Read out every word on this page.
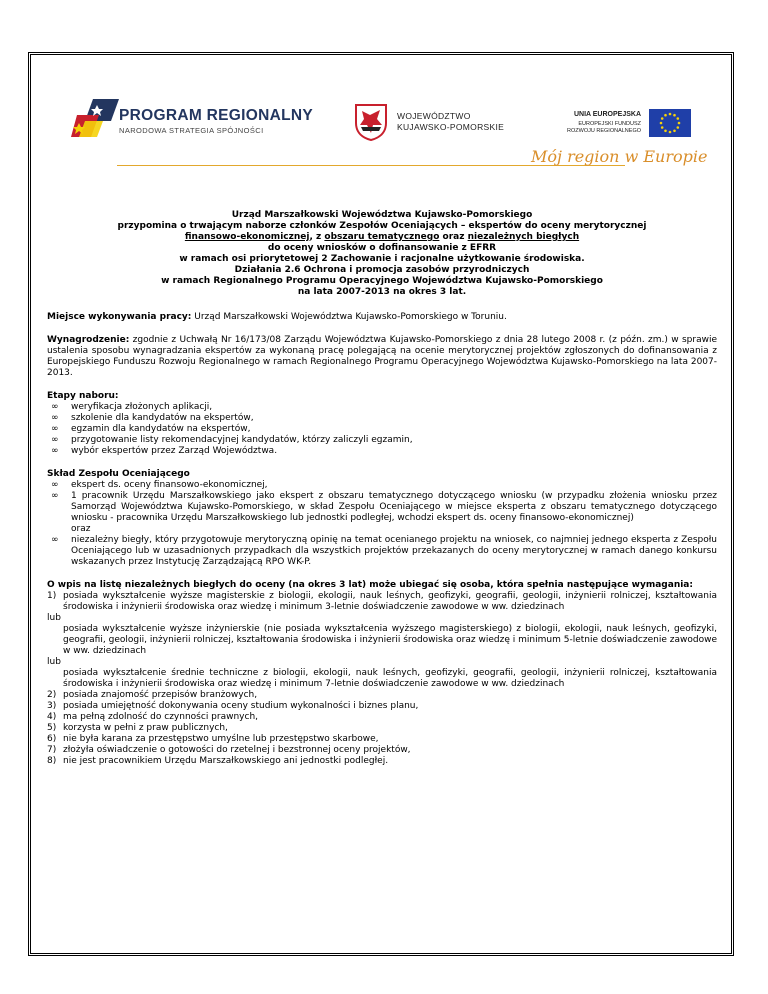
PROGRAM REGIONALNY
NARODOWA STRATEGIA SPÓJNOŚCI
WOJEWÓDZTWO
KUJAWSKO-POMORSKIE
UNIA EUROPEJSKA
EUROPEJSKI FUNDUSZ
ROZWOJU REGIONALNEGO
Mój region w Europie
Urząd Marszałkowski Województwa Kujawsko-Pomorskiego
przypomina o trwającym naborze członków Zespołów Oceniających – ekspertów do oceny merytorycznej
finansowo-ekonomicznej, z obszaru tematycznego oraz niezależnych biegłych
do oceny wniosków o dofinansowanie z EFRR
w ramach osi priorytetowej 2 Zachowanie i racjonalne użytkowanie środowiska.
Działania 2.6 Ochrona i promocja zasobów przyrodniczych
w ramach Regionalnego Programu Operacyjnego Województwa Kujawsko-Pomorskiego
na lata 2007-2013 na okres 3 lat.

Miejsce wykonywania pracy: Urząd Marszałkowski Województwa Kujawsko-Pomorskiego w Toruniu.

Wynagrodzenie: zgodnie z Uchwałą Nr 16/173/08 Zarządu Województwa Kujawsko-Pomorskiego z dnia 28 lutego 2008 r. (z późn. zm.) w sprawie ustalenia sposobu wynagradzania ekspertów za wykonaną pracę polegającą na ocenie merytorycznej projektów zgłoszonych do dofinansowania z Europejskiego Funduszu Rozwoju Regionalnego w ramach Regionalnego Programu Operacyjnego Województwa Kujawsko-Pomorskiego na lata 2007-2013.

Etapy naboru:
∞ weryfikacja złożonych aplikacji,
∞ szkolenie dla kandydatów na ekspertów,
∞ egzamin dla kandydatów na ekspertów,
∞ przygotowanie listy rekomendacyjnej kandydatów, którzy zaliczyli egzamin,
∞ wybór ekspertów przez Zarząd Województwa.
Skład Zespołu Oceniającego
∞ ekspert ds. oceny finansowo-ekonomicznej,
∞ 1 pracownik Urzędu Marszałkowskiego jako ekspert z obszaru tematycznego dotyczącego wniosku (w przypadku złożenia wniosku przez Samorząd Województwa Kujawsko-Pomorskiego, w skład Zespołu Oceniającego w miejsce eksperta z obszaru tematycznego dotyczącego wniosku - pracownika Urzędu Marszałkowskiego lub jednostki podległej, wchodzi ekspert ds. oceny finansowo-ekonomicznej)
oraz
∞ niezależny biegły, który przygotowuje merytoryczną opinię na temat ocenianego projektu na wniosek, co najmniej jednego eksperta z Zespołu Oceniającego lub w uzasadnionych przypadkach dla wszystkich projektów przekazanych do oceny merytorycznej w ramach danego konkursu wskazanych przez Instytucję Zarządzającą RPO WK-P.
O wpis na listę niezależnych biegłych do oceny (na okres 3 lat) może ubiegać się osoba, która spełnia następujące wymagania:
1) posiada wykształcenie wyższe magisterskie z biologii, ekologii, nauk leśnych, geofizyki, geografii, geologii, inżynierii rolniczej, kształtowania środowiska i inżynierii środowiska oraz wiedzę i minimum 3-letnie doświadczenie zawodowe w ww. dziedzinach
lub
posiada wykształcenie wyższe inżynierskie (nie posiada wykształcenia wyższego magisterskiego) z biologii, ekologii, nauk leśnych, geofizyki, geografii, geologii, inżynierii rolniczej, kształtowania środowiska i inżynierii środowiska oraz wiedzę i minimum 5-letnie doświadczenie zawodowe w ww. dziedzinach
lub
posiada wykształcenie średnie techniczne z biologii, ekologii, nauk leśnych, geofizyki, geografii, geologii, inżynierii rolniczej, kształtowania środowiska i inżynierii środowiska oraz wiedzę i minimum 7-letnie doświadczenie zawodowe w ww. dziedzinach
2) posiada znajomość przepisów branżowych,
3) posiada umiejętność dokonywania oceny studium wykonalności i biznes planu,
4) ma pełną zdolność do czynności prawnych,
5) korzysta w pełni z praw publicznych,
6) nie była karana za przestępstwo umyślne lub przestępstwo skarbowe,
7) złożyła oświadczenie o gotowości do rzetelnej i bezstronnej oceny projektów,
8) nie jest pracownikiem Urzędu Marszałkowskiego ani jednostki podległej.
